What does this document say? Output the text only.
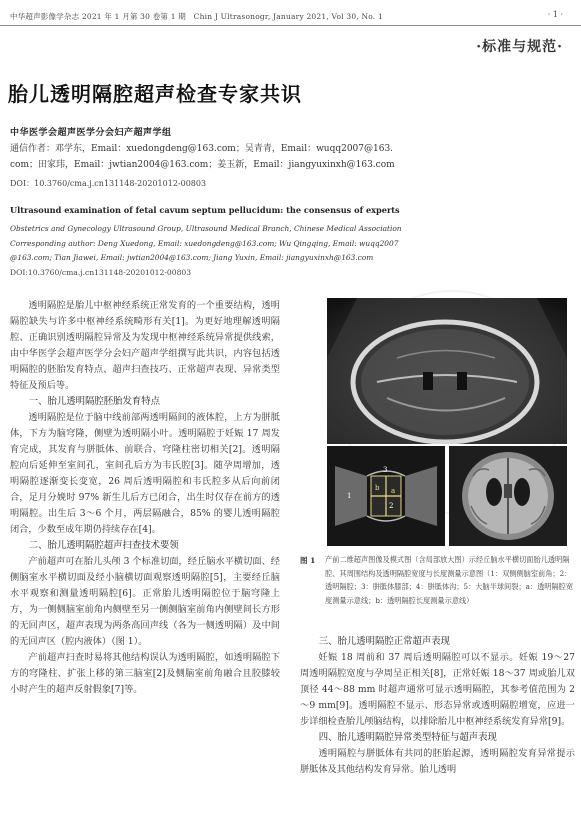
中华超声影像学杂志 2021 年 1 月第 30 卷第 1 期　Chin J Ultrasonogr, January 2021, Vol 30, No. 1	· 1 ·
·标准与规范·
胎儿透明隔腔超声检查专家共识
中华医学会超声医学分会妇产超声学组
通信作者：邓学东，Email：xuedongdeng@163.com；吴青青，Email：wuqq2007@163.
com；田家玮，Email：jwtian2004@163.com；姜玉新，Email：jiangyuxinxh@163.com
DOI：10.3760/cma.j.cn131148-20201012-00803
Ultrasound examination of fetal cavum septum pellucidum: the consensus of experts
Obstetrics and Gynecology Ultrasound Group, Ultrasound Medical Branch, Chinese Medical Association
Corresponding author: Deng Xuedong, Email: xuedongdeng@163.com; Wu Qingqing, Email: wuqq2007
@163.com; Tian Jiawei, Email: jwtian2004@163.com; Jiang Yuxin, Email: jiangyuxinxh@163.com
DOI:10.3760/cma.j.cn131148-20201012-00803

透明隔腔是胎儿中枢神经系统正常发育的一个重要结构，透明隔腔缺失与许多中枢神经系统畸形有关[1]。为更好地理解透明隔腔、正确识别透明隔腔异常及为发现中枢神经系统异常提供线索，由中华医学会超声医学分会妇产超声学组撰写此共识，内容包括透明隔腔的胚胎发育特点、超声扫查技巧、正常超声表现、异常类型特征及预后等。

一、胎儿透明隔腔胚胎发育特点

透明隔腔是位于脑中线前部两透明隔间的液体腔，上方为胼胝体，下方为脑穹隆，侧壁为透明隔小叶。透明隔腔于妊娠 17 周发育完成，其发育与胼胝体、前联合、穹隆柱密切相关[2]。透明隔腔向后延伸至室间孔，室间孔后方为韦氏腔[3]。随孕周增加，透明隔腔逐渐变长变宽，26 周后透明隔腔和韦氏腔多从后向前闭合，足月分娩时 97% 新生儿后方已闭合，出生时仅存在前方的透明隔腔。出生后 3～6 个月，两层隔融合，85% 的婴儿透明隔腔闭合，少数至成年期仍持续存在[4]。

二、胎儿透明隔腔超声扫查技术要领

产前超声可在胎儿头颅 3 个标准切面，经丘脑水平横切面、经侧脑室水平横切面及经小脑横切面观察透明隔腔[5]，主要经丘脑水平观察和测量透明隔腔[6]。正常胎儿透明隔腔位于脑穹隆上方，为一侧侧脑室前角内侧壁至另一侧侧脑室前角内侧壁间长方形的无回声区，超声表现为两条高回声线（各为一侧透明隔）及中间的无回声区（腔内液体）（图 1）。

产前超声扫查时易将其他结构误认为透明隔腔，如透明隔腔下方的穹隆柱、扩张上移的第三脑室[2]及侧脑室前角融合且胶膝较小时产生的超声反射假象[7]等。

1
2
3
a
b
图 1 产前二维超声图像及模式图（含局部放大图）示经丘脑水平横切面胎儿透明隔腔、其周围结构及透明隔腔宽度与长度测量示意图（1：双侧侧脑室前角；2：透明隔腔；3：胼胝体膝部；4：胼胝体沟；5：大脑半球间裂；a：透明隔腔宽度测量示意线；b：透明隔腔长度测量示意线）
三、胎儿透明隔腔正常超声表现

妊娠 18 周前和 37 周后透明隔腔可以不显示。妊娠 19～27 周透明隔腔宽度与孕周呈正相关[8]，正常妊娠 18～37 周或胎儿双顶径 44～88 mm 时超声通常可显示透明隔腔，其参考值范围为 2～9 mm[9]。透明隔腔不显示、形态异常或透明隔腔增宽，应进一步详细检查胎儿颅脑结构，以排除胎儿中枢神经系统发育异常[9]。

四、胎儿透明隔腔异常类型特征与超声表现

透明隔腔与胼胝体有共同的胚胎起源，透明隔腔发育异常提示胼胝体及其他结构发育异常。胎儿透明
